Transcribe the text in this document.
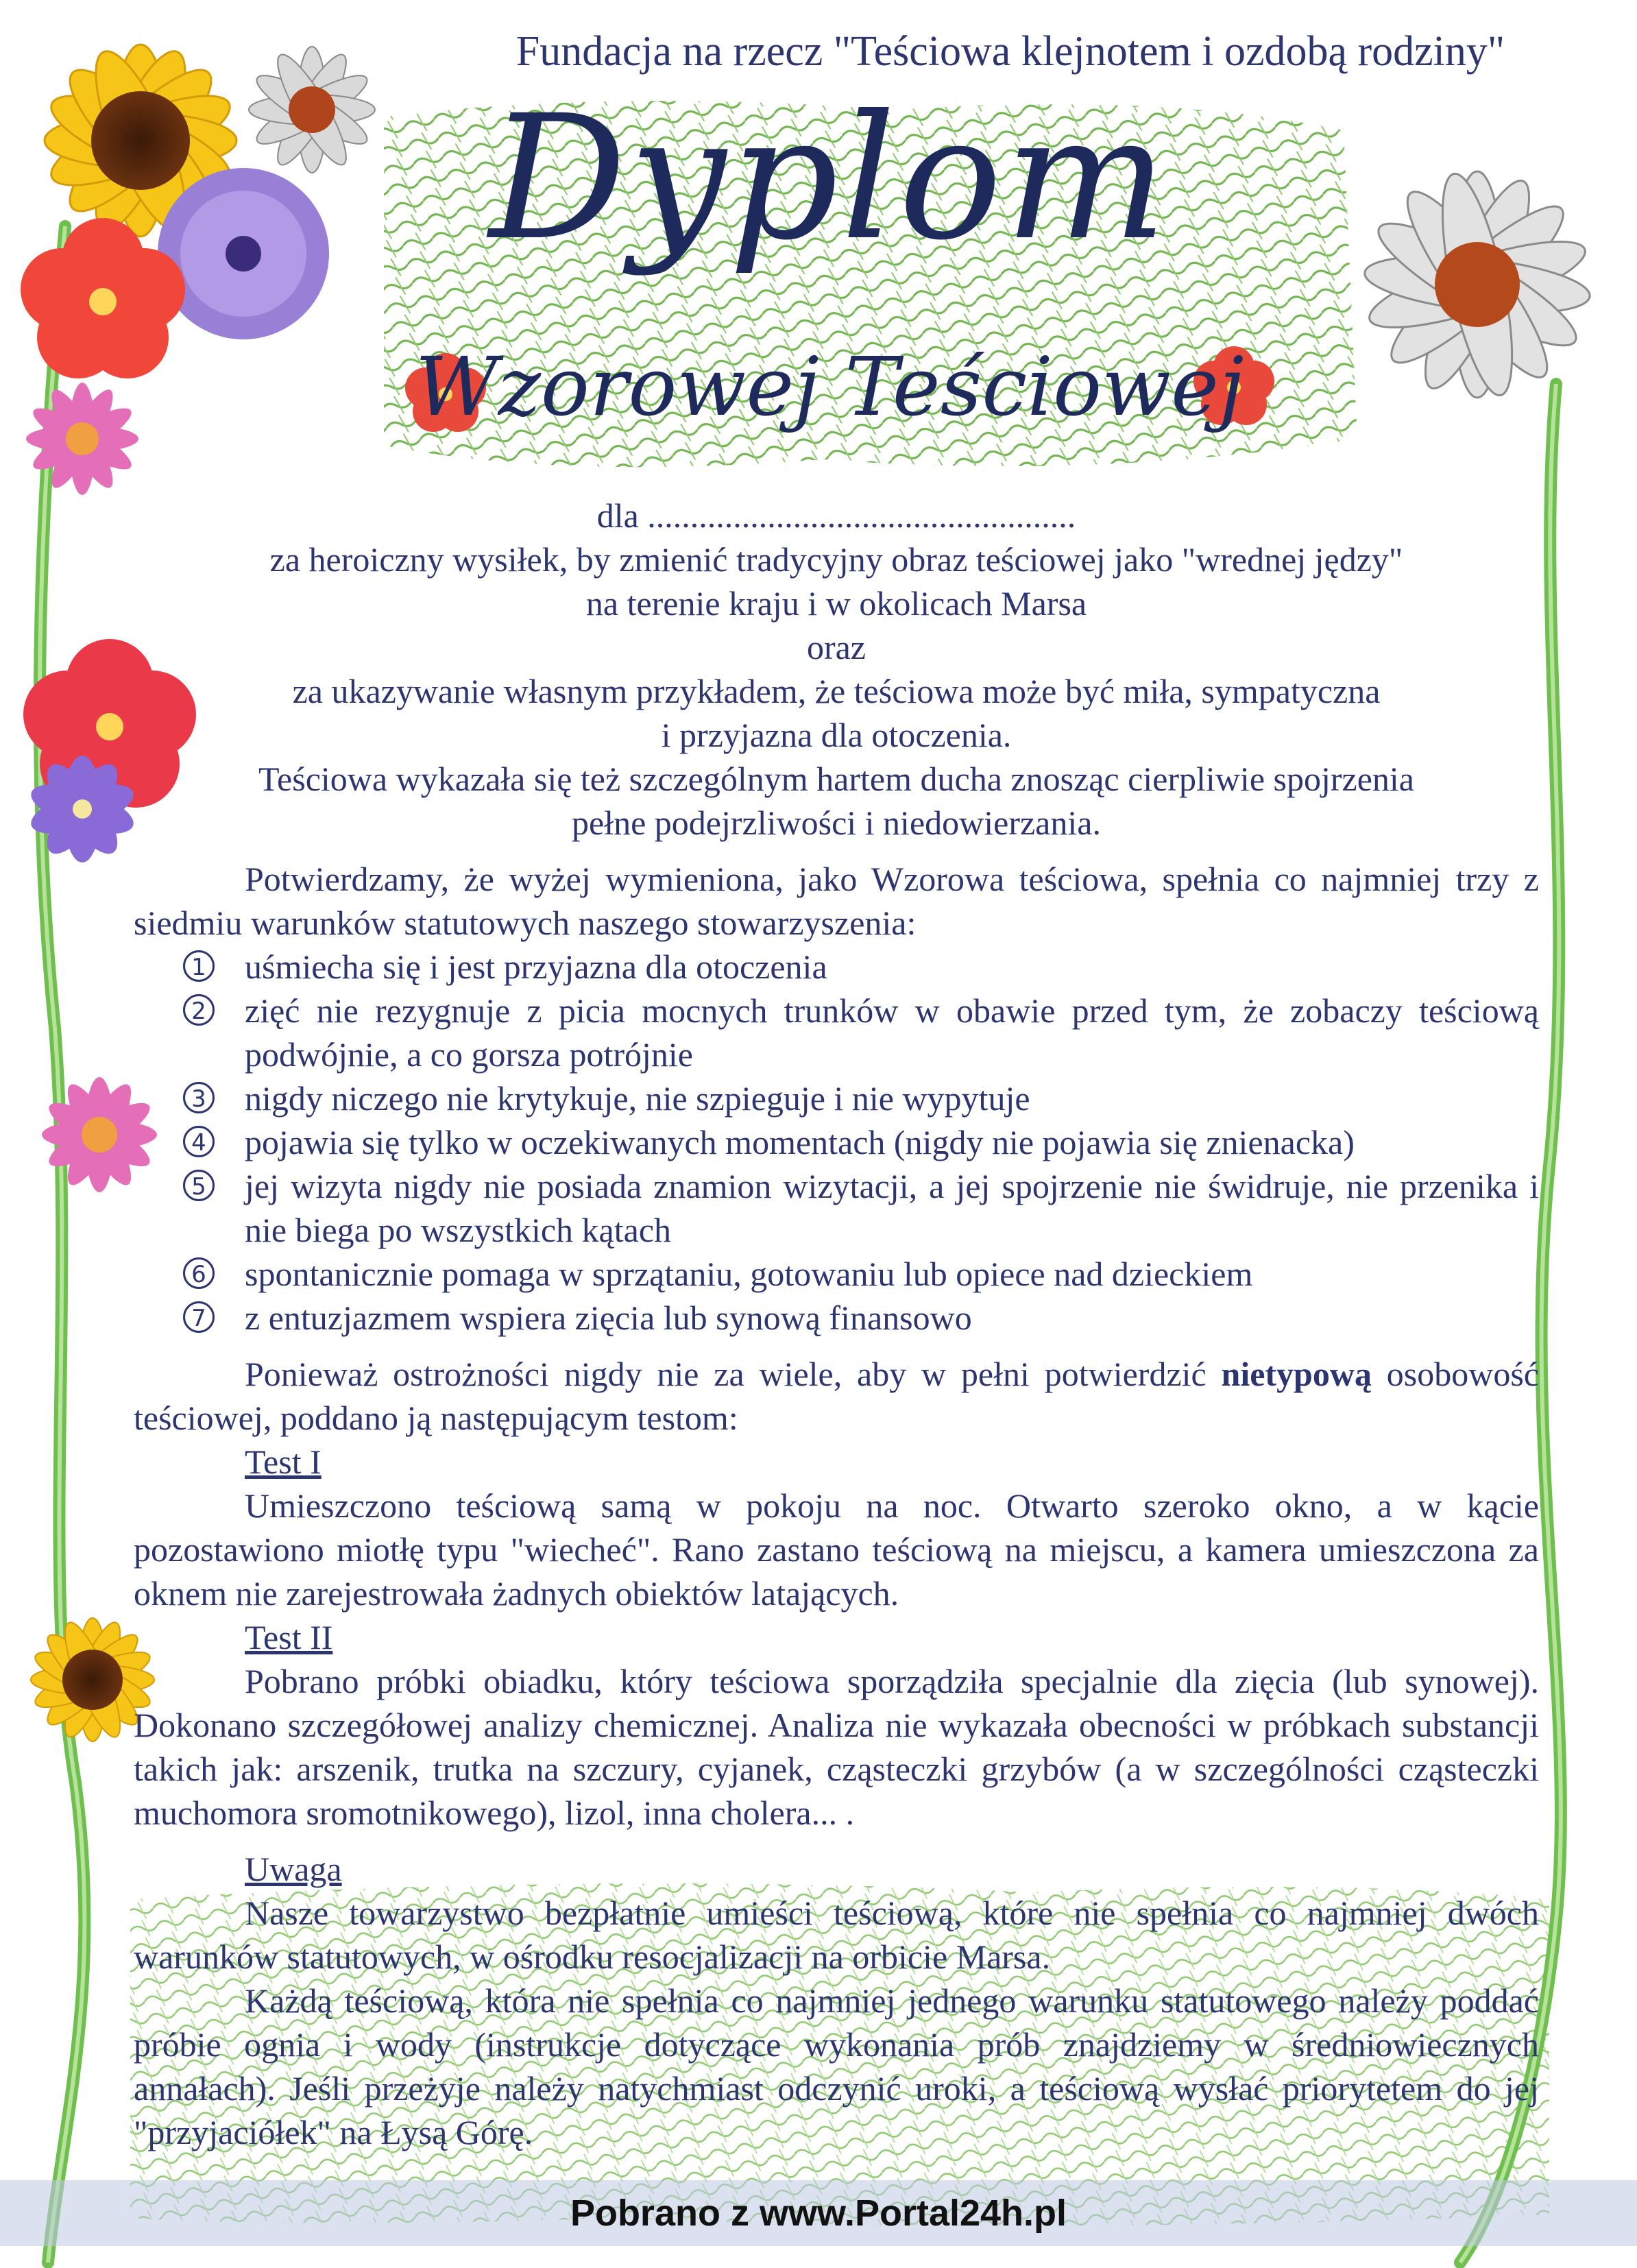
Fundacja na rzecz "Teściowa klejnotem i ozdobą rodziny"
Dyplom
Wzorowej Teściowej
dla ..................................................
za heroiczny wysiłek, by zmienić tradycyjny obraz teściowej jako "wrednej jędzy"
na terenie kraju i w okolicach Marsa
oraz
za ukazywanie własnym przykładem, że teściowa może być miła, sympatyczna
i przyjazna dla otoczenia.
Teściowa wykazała się też szczególnym hartem ducha znosząc cierpliwie spojrzenia
pełne podejrzliwości i niedowierzania.
Potwierdzamy, że wyżej wymieniona, jako Wzorowa teściowa, spełnia co najmniej trzy z siedmiu warunków statutowych naszego stowarzyszenia:
1 uśmiecha się i jest przyjazna dla otoczenia
2 zięć nie rezygnuje z picia mocnych trunków w obawie przed tym, że zobaczy teściową podwójnie, a co gorsza potrójnie
3 nigdy niczego nie krytykuje, nie szpieguje i nie wypytuje
4 pojawia się tylko w oczekiwanych momentach (nigdy nie pojawia się znienacka)
5 jej wizyta nigdy nie posiada znamion wizytacji, a jej spojrzenie nie świdruje, nie przenika i nie biega po wszystkich kątach
6 spontanicznie pomaga w sprzątaniu, gotowaniu lub opiece nad dzieckiem
7 z entuzjazmem wspiera zięcia lub synową finansowo
Ponieważ ostrożności nigdy nie za wiele, aby w pełni potwierdzić nietypową osobowość teściowej, poddano ją następującym testom:
Test I
Umieszczono teściową samą w pokoju na noc. Otwarto szeroko okno, a w kącie pozostawiono miotłę typu "wiecheć". Rano zastano teściową na miejscu, a kamera umieszczona za oknem nie zarejestrowała żadnych obiektów latających.
Test II
Pobrano próbki obiadku, który teściowa sporządziła specjalnie dla zięcia (lub synowej). Dokonano szczegółowej analizy chemicznej. Analiza nie wykazała obecności w próbkach substancji takich jak: arszenik, trutka na szczury, cyjanek, cząsteczki grzybów (a w szczególności cząsteczki muchomora sromotnikowego), lizol, inna cholera... .
Uwaga
Nasze towarzystwo bezpłatnie umieści teściową, które nie spełnia co najmniej dwóch warunków statutowych, w ośrodku resocjalizacji na orbicie Marsa.
Każdą teściową, która nie spełnia co najmniej jednego warunku statutowego należy poddać próbie ognia i wody (instrukcje dotyczące wykonania prób znajdziemy w średniowiecznych annałach). Jeśli przeżyje należy natychmiast odczynić uroki, a teściową wysłać priorytetem do jej "przyjaciółek" na Łysą Górę.
Pobrano z www.Portal24h.pl
